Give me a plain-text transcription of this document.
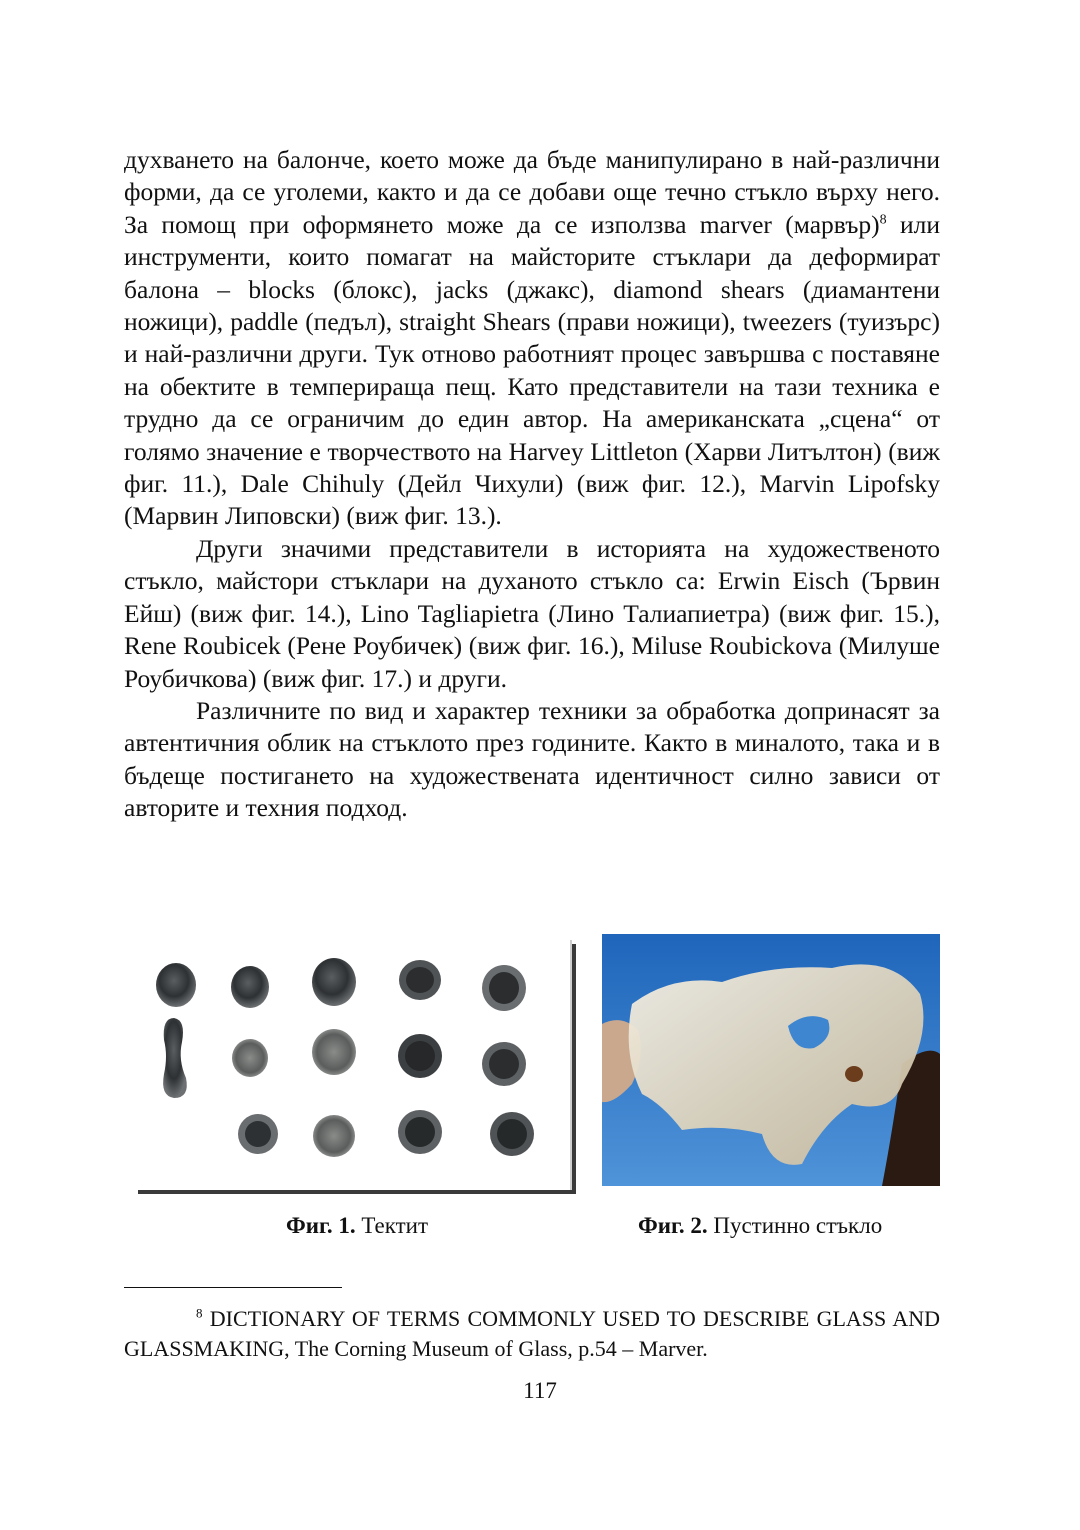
духването на балонче, което може да бъде манипулирано в най-различни форми, да се уголеми, както и да се добави още течно стъкло върху него. За помощ при оформянето може да се използва marver (марвър)$^8$ или инструменти, които помагат на майсторите стъклари да деформират балона – blocks (блокс), jacks (джакс), diamond shears (диамантени ножици), paddle (педъл), straight Shears (прави ножици), tweezers (туизърс) и най-различни други. Тук отново работният процес завършва с поставяне на обектите в темперираща пещ. Като представители на тази техника е трудно да се ограничим до един автор. На американската „сцена“ от голямо значение е творчеството на Harvey Littleton (Харви Литълтон) (виж фиг. 11.), Dale Chihuly (Дейл Чихули) (виж фиг. 12.), Marvin Lipofsky (Марвин Липовски) (виж фиг. 13.).

Други значими представители в историята на художественото стъкло, майстори стъклари на духаното стъкло са: Erwin Eisch (Ървин Ейш) (виж фиг. 14.), Lino Tagliapietra (Лино Талиапиетра) (виж фиг. 15.), Rene Roubicek (Рене Роубичек) (виж фиг. 16.), Miluse Roubickova (Милуше Роубичкова) (виж фиг. 17.) и други.

Различните по вид и характер техники за обработка допринасят за автентичния облик на стъклото през годините. Както в миналото, така и в бъдеще постигането на художествената идентичност силно зависи от авторите и техния подход.

Фиг. 1. Тектит	Фиг. 2. Пустинно стъкло
$^8$ DICTIONARY OF TERMS COMMONLY USED TO DESCRIBE GLASS AND GLASSMAKING, The Corning Museum of Glass, p.54 – Marver.
117
